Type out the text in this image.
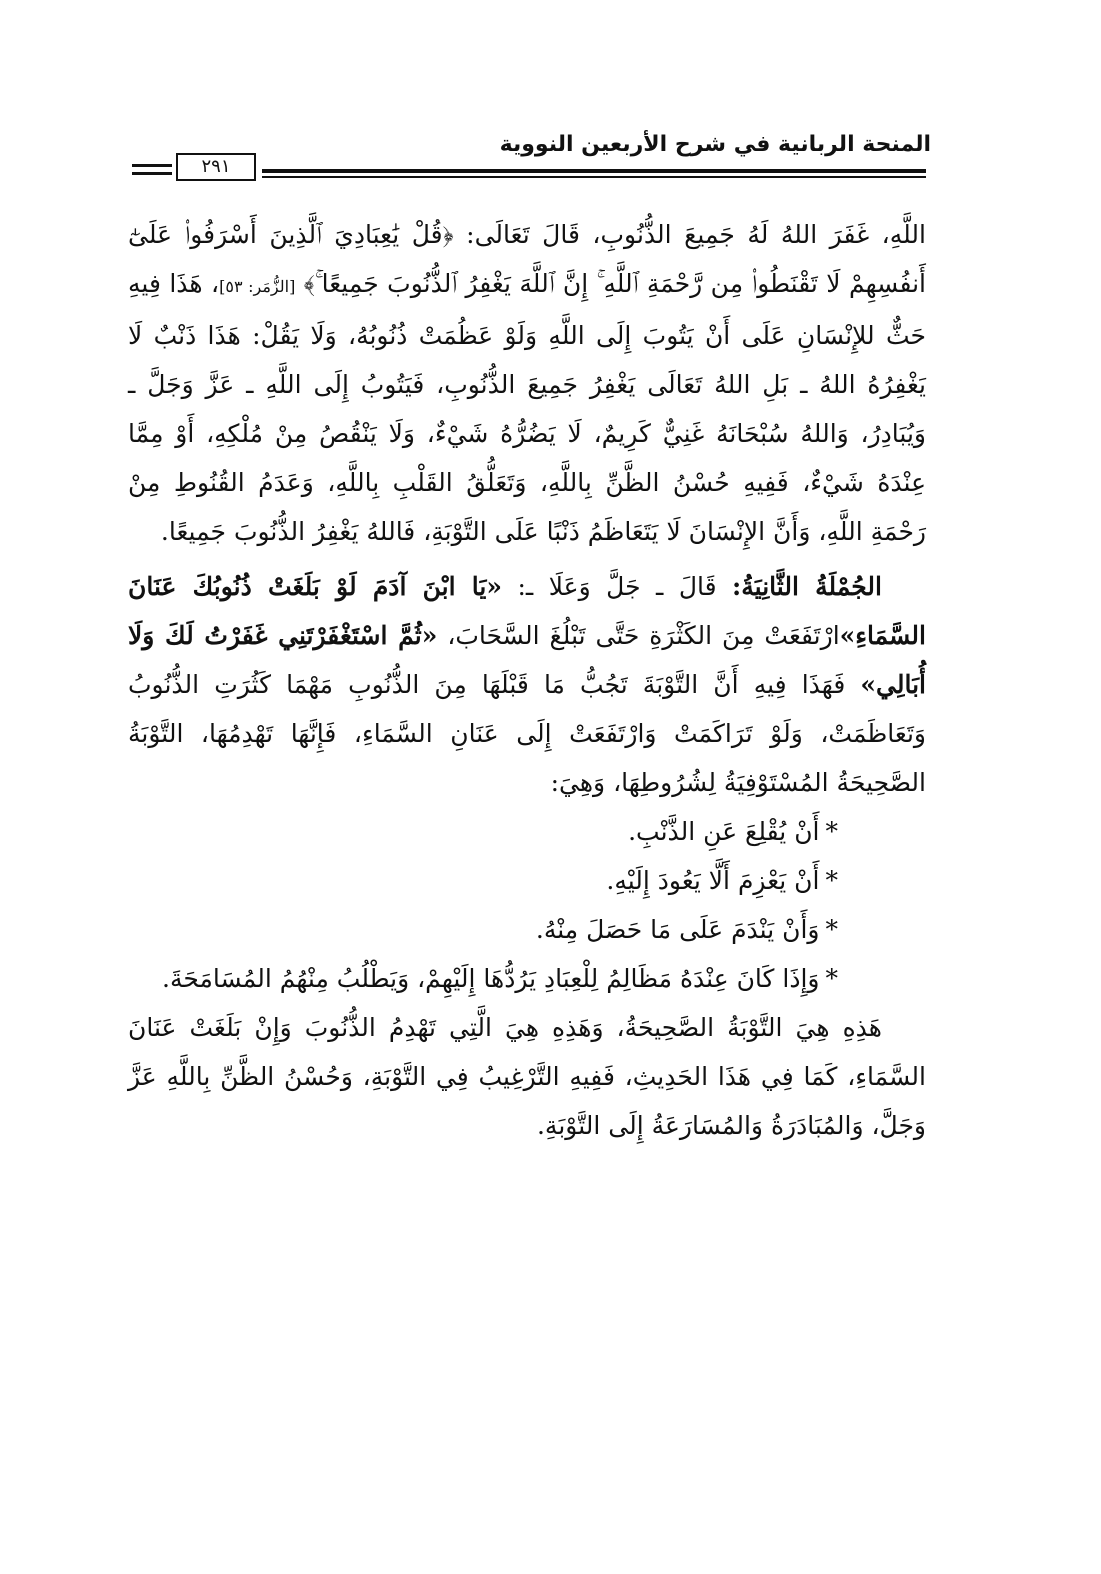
المنحة الربانية في شرح الأربعين النووية
٢٩١

اللَّهِ، غَفَرَ اللهُ لَهُ جَمِيعَ الذُّنُوبِ، قَالَ تَعَالَى: ﴿قُلْ يَٰعِبَادِيَ ٱلَّذِينَ أَسْرَفُوا۟ عَلَىٰٓ أَنفُسِهِمْ لَا تَقْنَطُوا۟ مِن رَّحْمَةِ ٱللَّهِ ۚ إِنَّ ٱللَّهَ يَغْفِرُ ٱلذُّنُوبَ جَمِيعًا ۚ﴾ [الزُّمَر: ٥٣]، هَذَا فِيهِ حَثٌّ للإِنْسَانِ عَلَى أَنْ يَتُوبَ إِلَى اللَّهِ وَلَوْ عَظُمَتْ ذُنُوبُهُ، وَلَا يَقُلْ: هَذَا ذَنْبٌ لَا يَغْفِرُهُ اللهُ ـ بَلِ اللهُ تَعَالَى يَغْفِرُ جَمِيعَ الذُّنُوبِ، فَيَتُوبُ إِلَى اللَّهِ ـ عَزَّ وَجَلَّ ـ وَيُبَادِرُ، وَاللهُ سُبْحَانَهُ غَنِيٌّ كَرِيمٌ، لَا يَضُرُّهُ شَيْءٌ، وَلَا يَنْقُصُ مِنْ مُلْكِهِ، أَوْ مِمَّا عِنْدَهُ شَيْءٌ، فَفِيهِ حُسْنُ الظَّنِّ بِاللَّهِ، وَتَعَلُّقُ القَلْبِ بِاللَّهِ، وَعَدَمُ القُنُوطِ مِنْ رَحْمَةِ اللَّهِ، وَأَنَّ الإِنْسَانَ لَا يَتَعَاظَمُ ذَنْبًا عَلَى التَّوْبَةِ، فَاللهُ يَغْفِرُ الذُّنُوبَ جَمِيعًا.

الجُمْلَةُ الثَّانِيَةُ: قَالَ ـ جَلَّ وَعَلَا ـ: «يَا ابْنَ آدَمَ لَوْ بَلَغَتْ ذُنُوبُكَ عَنَانَ السَّمَاءِ»ارْتَفَعَتْ مِنَ الكَثْرَةِ حَتَّى تَبْلُغَ السَّحَابَ، «ثُمَّ اسْتَغْفَرْتَنِي غَفَرْتُ لَكَ وَلَا أُبَالِي» فَهَذَا فِيهِ أَنَّ التَّوْبَةَ تَجُبُّ مَا قَبْلَهَا مِنَ الذُّنُوبِ مَهْمَا كَثُرَتِ الذُّنُوبُ وَتَعَاظَمَتْ، وَلَوْ تَرَاكَمَتْ وَارْتَفَعَتْ إِلَى عَنَانِ السَّمَاءِ، فَإِنَّهَا تَهْدِمُهَا، التَّوْبَةُ الصَّحِيحَةُ المُسْتَوْفِيَةُ لِشُرُوطِهَا، وَهِيَ:

*أَنْ يُقْلِعَ عَنِ الذَّنْبِ.

*أَنْ يَعْزِمَ أَلَّا يَعُودَ إِلَيْهِ.

*وَأَنْ يَنْدَمَ عَلَى مَا حَصَلَ مِنْهُ.

*وَإِذَا كَانَ عِنْدَهُ مَظَالِمُ لِلْعِبَادِ يَرُدُّهَا إِلَيْهِمْ، وَيَطْلُبُ مِنْهُمُ المُسَامَحَةَ.

هَذِهِ هِيَ التَّوْبَةُ الصَّحِيحَةُ، وَهَذِهِ هِيَ الَّتِي تَهْدِمُ الذُّنُوبَ وَإِنْ بَلَغَتْ عَنَانَ السَّمَاءِ، كَمَا فِي هَذَا الحَدِيثِ، فَفِيهِ التَّرْغِيبُ فِي التَّوْبَةِ، وَحُسْنُ الظَّنِّ بِاللَّهِ عَزَّ وَجَلَّ، وَالمُبَادَرَةُ وَالمُسَارَعَةُ إِلَى التَّوْبَةِ.
